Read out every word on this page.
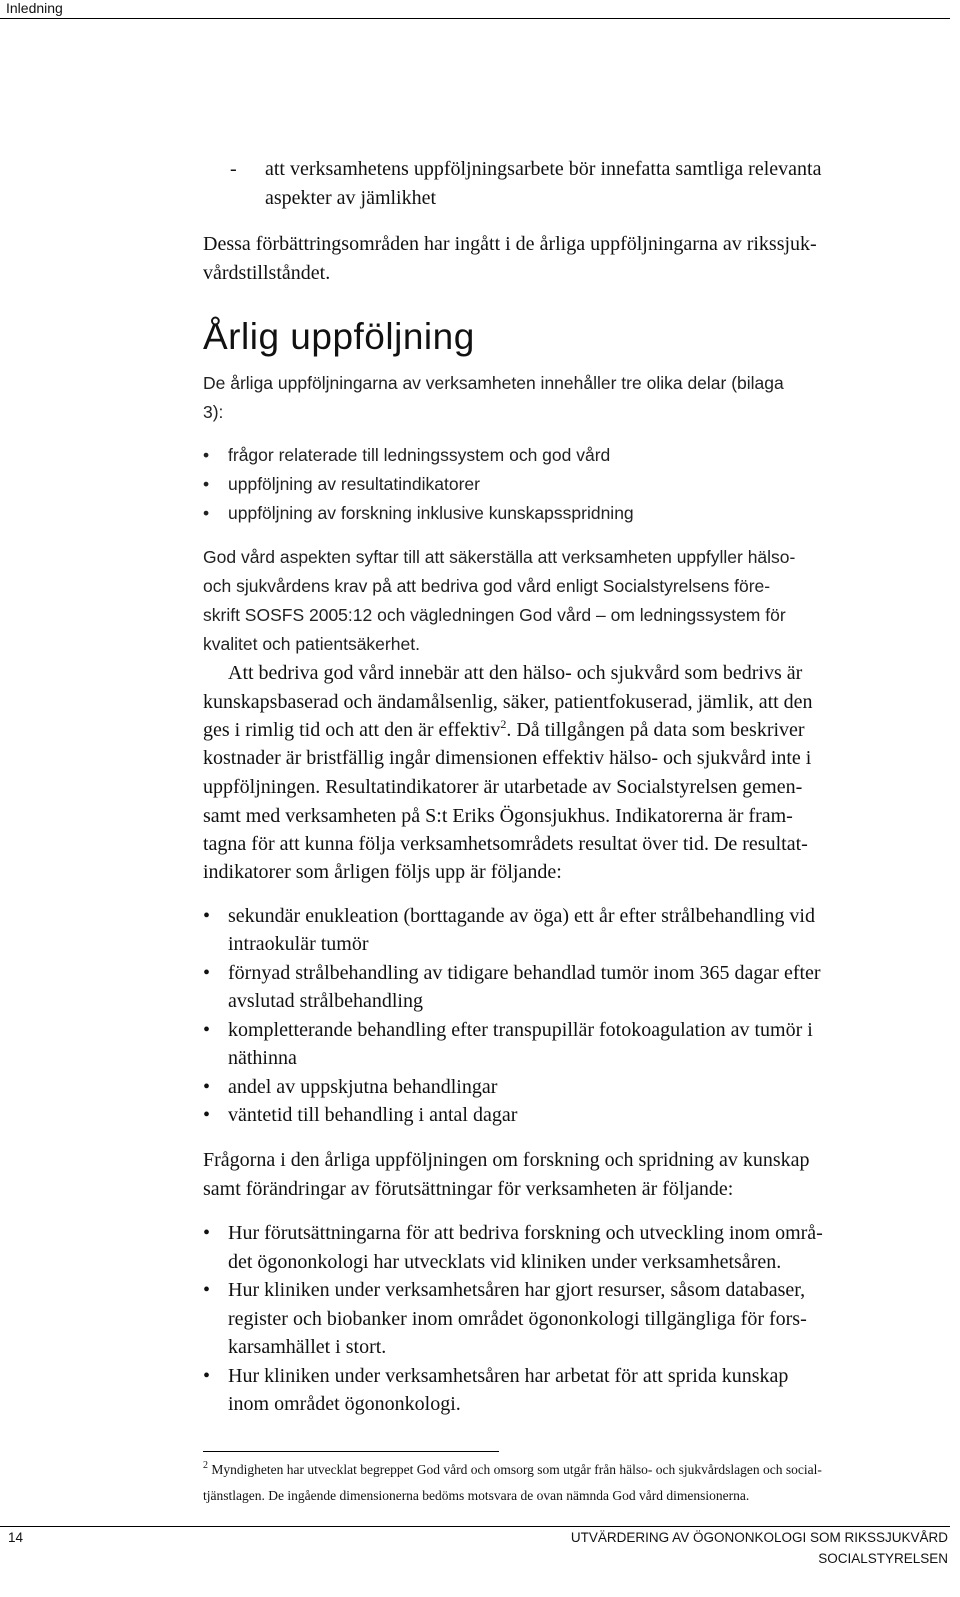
Inledning
- att verksamhetens uppföljningsarbete bör innefatta samtliga relevanta
aspekter av jämlikhet
Dessa förbättringsområden har ingått i de årliga uppföljningarna av rikssjuk-
vårdstillståndet.
Årlig uppföljning
De årliga uppföljningarna av verksamheten innehåller tre olika delar (bilaga
3):
•	frågor relaterade till ledningssystem och god vård
•	uppföljning av resultatindikatorer
•	uppföljning av forskning inklusive kunskapsspridning
God vård aspekten syftar till att säkerställa att verksamheten uppfyller hälso-
och sjukvårdens krav på att bedriva god vård enligt Socialstyrelsens före-
skrift SOSFS 2005:12 och vägledningen God vård – om ledningssystem för
kvalitet och patientsäkerhet.
Att bedriva god vård innebär att den hälso- och sjukvård som bedrivs är
kunskapsbaserad och ändamålsenlig, säker, patientfokuserad, jämlik, att den
ges i rimlig tid och att den är effektiv$^2$. Då tillgången på data som beskriver
kostnader är bristfällig ingår dimensionen effektiv hälso- och sjukvård inte i
uppföljningen. Resultatindikatorer är utarbetade av Socialstyrelsen gemen-
samt med verksamheten på S:t Eriks Ögonsjukhus. Indikatorerna är fram-
tagna för att kunna följa verksamhetsområdets resultat över tid. De resultat-
indikatorer som årligen följs upp är följande:
• sekundär enukleation (borttagande av öga) ett år efter strålbehandling vid
intraokulär tumör
• förnyad strålbehandling av tidigare behandlad tumör inom 365 dagar efter
avslutad strålbehandling
• kompletterande behandling efter transpupillär fotokoagulation av tumör i
näthinna
• andel av uppskjutna behandlingar
• väntetid till behandling i antal dagar
Frågorna i den årliga uppföljningen om forskning och spridning av kunskap
samt förändringar av förutsättningar för verksamheten är följande:
• Hur förutsättningarna för att bedriva forskning och utveckling inom områ-
det ögononkologi har utvecklats vid kliniken under verksamhetsåren.
• Hur kliniken under verksamhetsåren har gjort resurser, såsom databaser,
register och biobanker inom området ögononkologi tillgängliga för fors-
karsamhället i stort.
• Hur kliniken under verksamhetsåren har arbetat för att sprida kunskap
inom området ögononkologi.
$^2$ Myndigheten har utvecklat begreppet God vård och omsorg som utgår från hälso- och sjukvårdslagen och social-
tjänstlagen. De ingående dimensionerna bedöms motsvara de ovan nämnda God vård dimensionerna.
14	UTVÄRDERING AV ÖGONONKOLOGI SOM RIKSSJUKVÅRD
SOCIALSTYRELSEN
